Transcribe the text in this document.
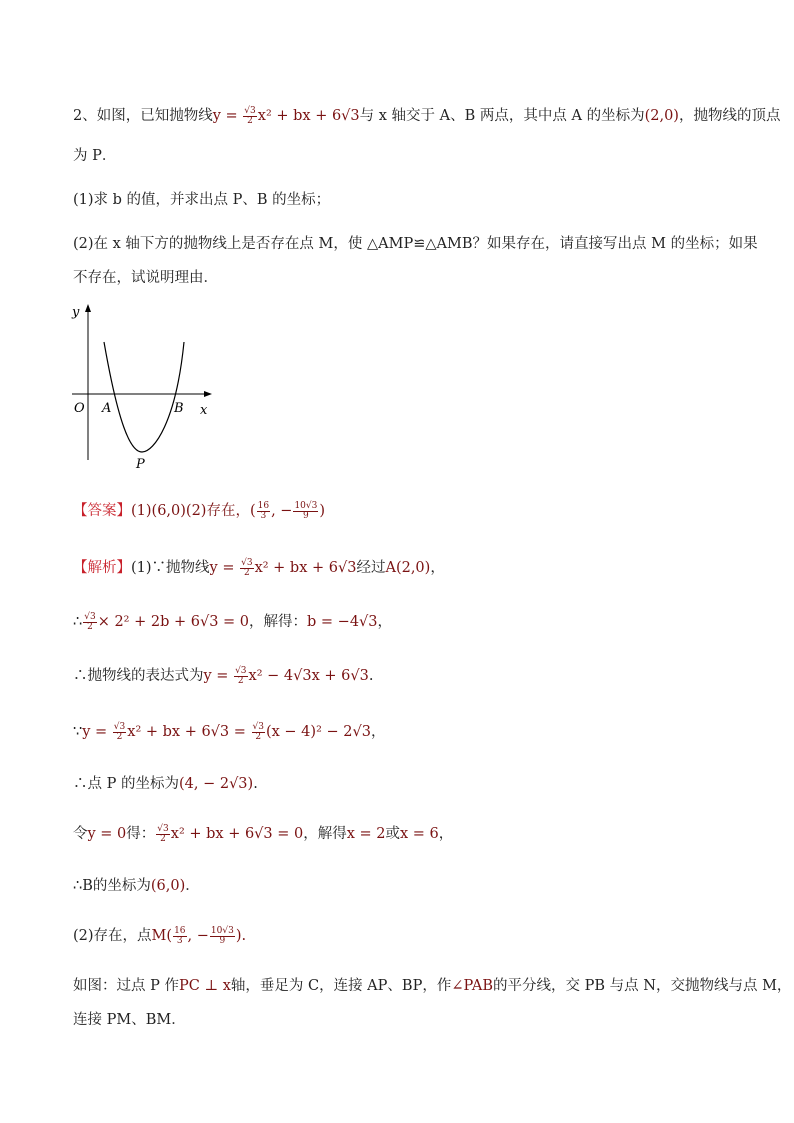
2、如图，已知抛物线$y = \frac{√3}{2} x^2$ + bx + 6√3与 x 轴交于 A、B 两点，其中点 A 的坐标为(2,0)，抛物线的顶点
为 P．
(1)求 b 的值，并求出点 P、B 的坐标；
(2)在 x 轴下方的抛物线上是否存在点 M，使 △AMP≌△AMB？如果存在，请直接写出点 M 的坐标；如果
不存在，试说明理由．
y
x
O A	B
P
【答案】(1)(6,0)(2)存在，( $\frac{16}{3}$ , − $\frac{10√3}{9}$ )
【解析】(1)∵抛物线$y = \frac{√3}{2} x^2$ + bx + 6√3经过A(2,0)，
∴ $\frac{√3}{2} \times 2^2 + 2b + 6√3 = 0$，解得：b = −4√3，
∴抛物线的表达式为$y = \frac{√3}{2} x^2 - 4√3x + 6√3$.
∵y = $\frac{√3}{2} x^2$ + bx + $6√3 = \frac{√3}{2} (x - 4)^2 - 2√3$，
∴点 P 的坐标为(4, − 2√3).
令y = 0得： $\frac{√3}{2} x^2$ + bx + 6√3 = 0，解得x = 2或x = 6，
∴B的坐标为(6,0)．
(2)存在，点$M( \frac{16}{3}$ , − $\frac{10√3}{9}$ ).
如图：过点 P 作PC ⊥ x轴，垂足为 C，连接 AP、BP，作∠PAB的平分线，交 PB 与点 N，交抛物线与点 M，
连接 PM、BM．
